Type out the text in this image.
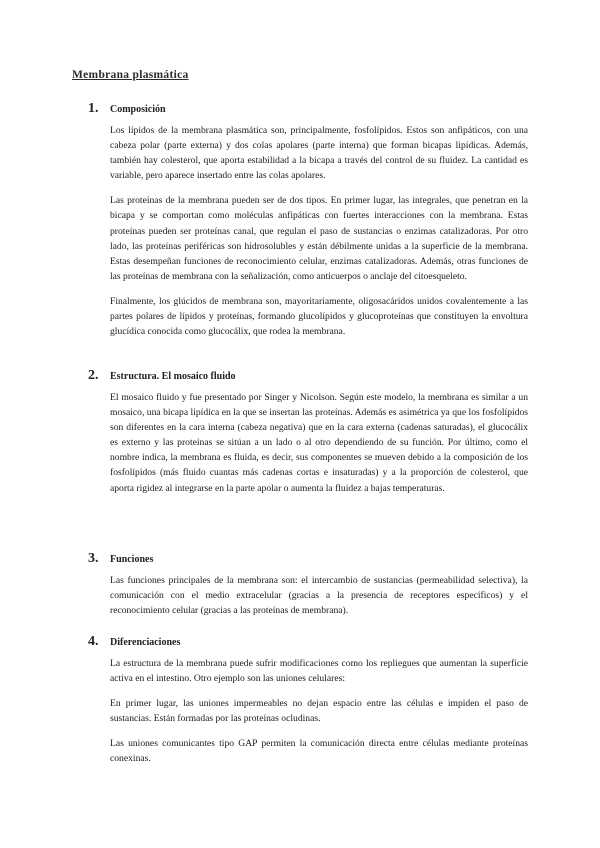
Membrana plasmática
1.	Composición

Los lípidos de la membrana plasmática son, principalmente, fosfolípidos. Estos son anfipáticos, con una cabeza polar (parte externa) y dos colas apolares (parte interna) que forman bicapas lipídicas. Además, también hay colesterol, que aporta estabilidad a la bicapa a través del control de su fluidez. La cantidad es variable, pero aparece insertado entre las colas apolares.

Las proteínas de la membrana pueden ser de dos tipos. En primer lugar, las integrales, que penetran en la bicapa y se comportan como moléculas anfipáticas con fuertes interacciones con la membrana. Estas proteínas pueden ser proteínas canal, que regulan el paso de sustancias o enzimas catalizadoras. Por otro lado, las proteínas periféricas son hidrosolubles y están débilmente unidas a la superficie de la membrana. Estas desempeñan funciones de reconocimiento celular, enzimas catalizadoras. Además, otras funciones de las proteínas de membrana con la señalización, como anticuerpos o anclaje del citoesqueleto.

Finalmente, los glúcidos de membrana son, mayoritariamente, oligosacáridos unidos covalentemente a las partes polares de lípidos y proteínas, formando glucolípidos y glucoproteínas que constituyen la envoltura glucídica conocida como glucocálix, que rodea la membrana.

2.	Estructura. El mosaico fluido

El mosaico fluido y fue presentado por Singer y Nicolson. Según este modelo, la membrana es similar a un mosaico, una bicapa lipídica en la que se insertan las proteínas. Además es asimétrica ya que los fosfolípidos son diferentes en la cara interna (cabeza negativa) que en la cara externa (cadenas saturadas), el glucocálix es externo y las proteínas se sitúan a un lado o al otro dependiendo de su función. Por último, como el nombre indica, la membrana es fluida, es decir, sus componentes se mueven debido a la composición de los fosfolípidos (más fluido cuantas más cadenas cortas e insaturadas) y a la proporción de colesterol, que aporta rigidez al integrarse en la parte apolar o aumenta la fluidez a bajas temperaturas.

3.	Funciones

Las funciones principales de la membrana son: el intercambio de sustancias (permeabilidad selectiva), la comunicación con el medio extracelular (gracias a la presencia de receptores específicos) y el reconocimiento celular (gracias a las proteínas de membrana).

4.	Diferenciaciones

La estructura de la membrana puede sufrir modificaciones como los repliegues que aumentan la superficie activa en el intestino. Otro ejemplo son las uniones celulares:

En primer lugar, las uniones impermeables no dejan espacio entre las células e impiden el paso de sustancias. Están formadas por las proteínas ocludinas.

Las uniones comunicantes tipo GAP permiten la comunicación directa entre células mediante proteínas conexinas.
